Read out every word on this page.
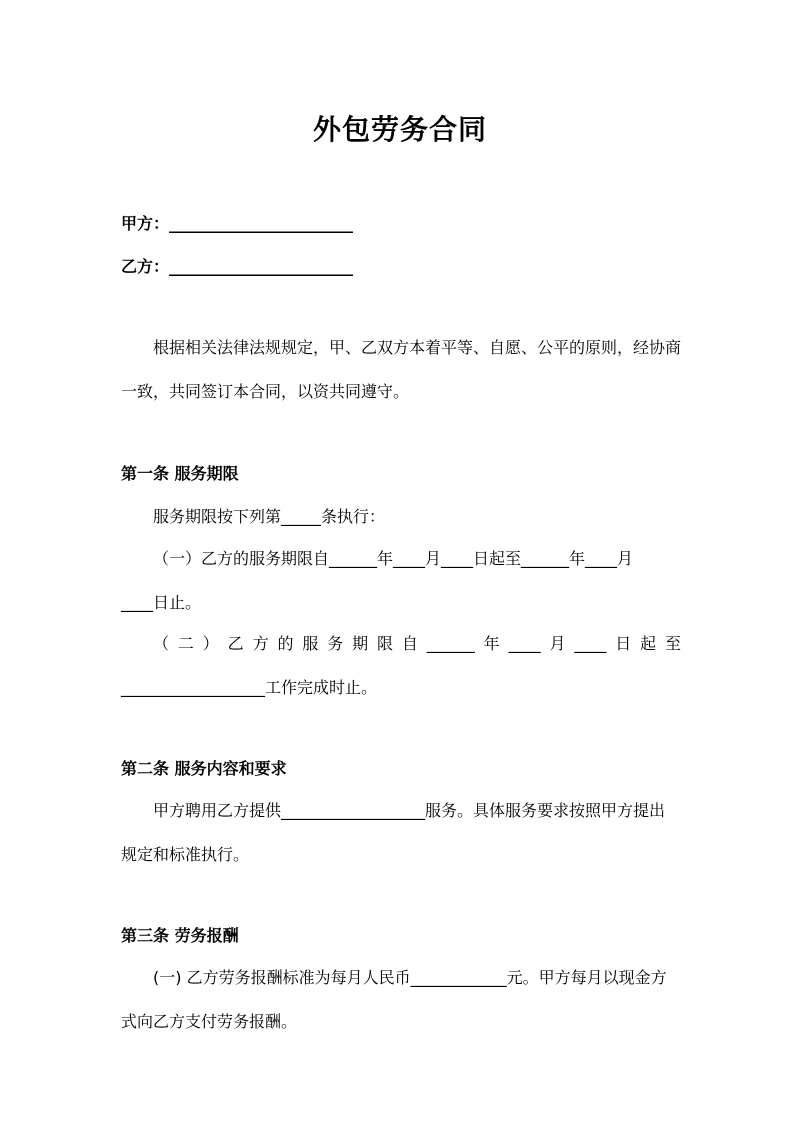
外包劳务合同
甲方：_______________________
乙方：_______________________
根据相关法律法规规定，甲、乙双方本着平等、自愿、公平的原则，经协商
一致，共同签订本合同，以资共同遵守。
第一条 服务期限
服务期限按下列第_____条执行：
（一）乙方的服务期限自______年____月____日起至______年____月
____日止。
（ 二 ） 乙 方 的 服 务 期 限 自 ______ 年 ____ 月 ____ 日 起 至
__________________工作完成时止。
第二条 服务内容和要求
甲方聘用乙方提供__________________服务。具体服务要求按照甲方提出
规定和标准执行。
第三条 劳务报酬
(一) 乙方劳务报酬标准为每月人民币____________元。甲方每月以现金方
式向乙方支付劳务报酬。
